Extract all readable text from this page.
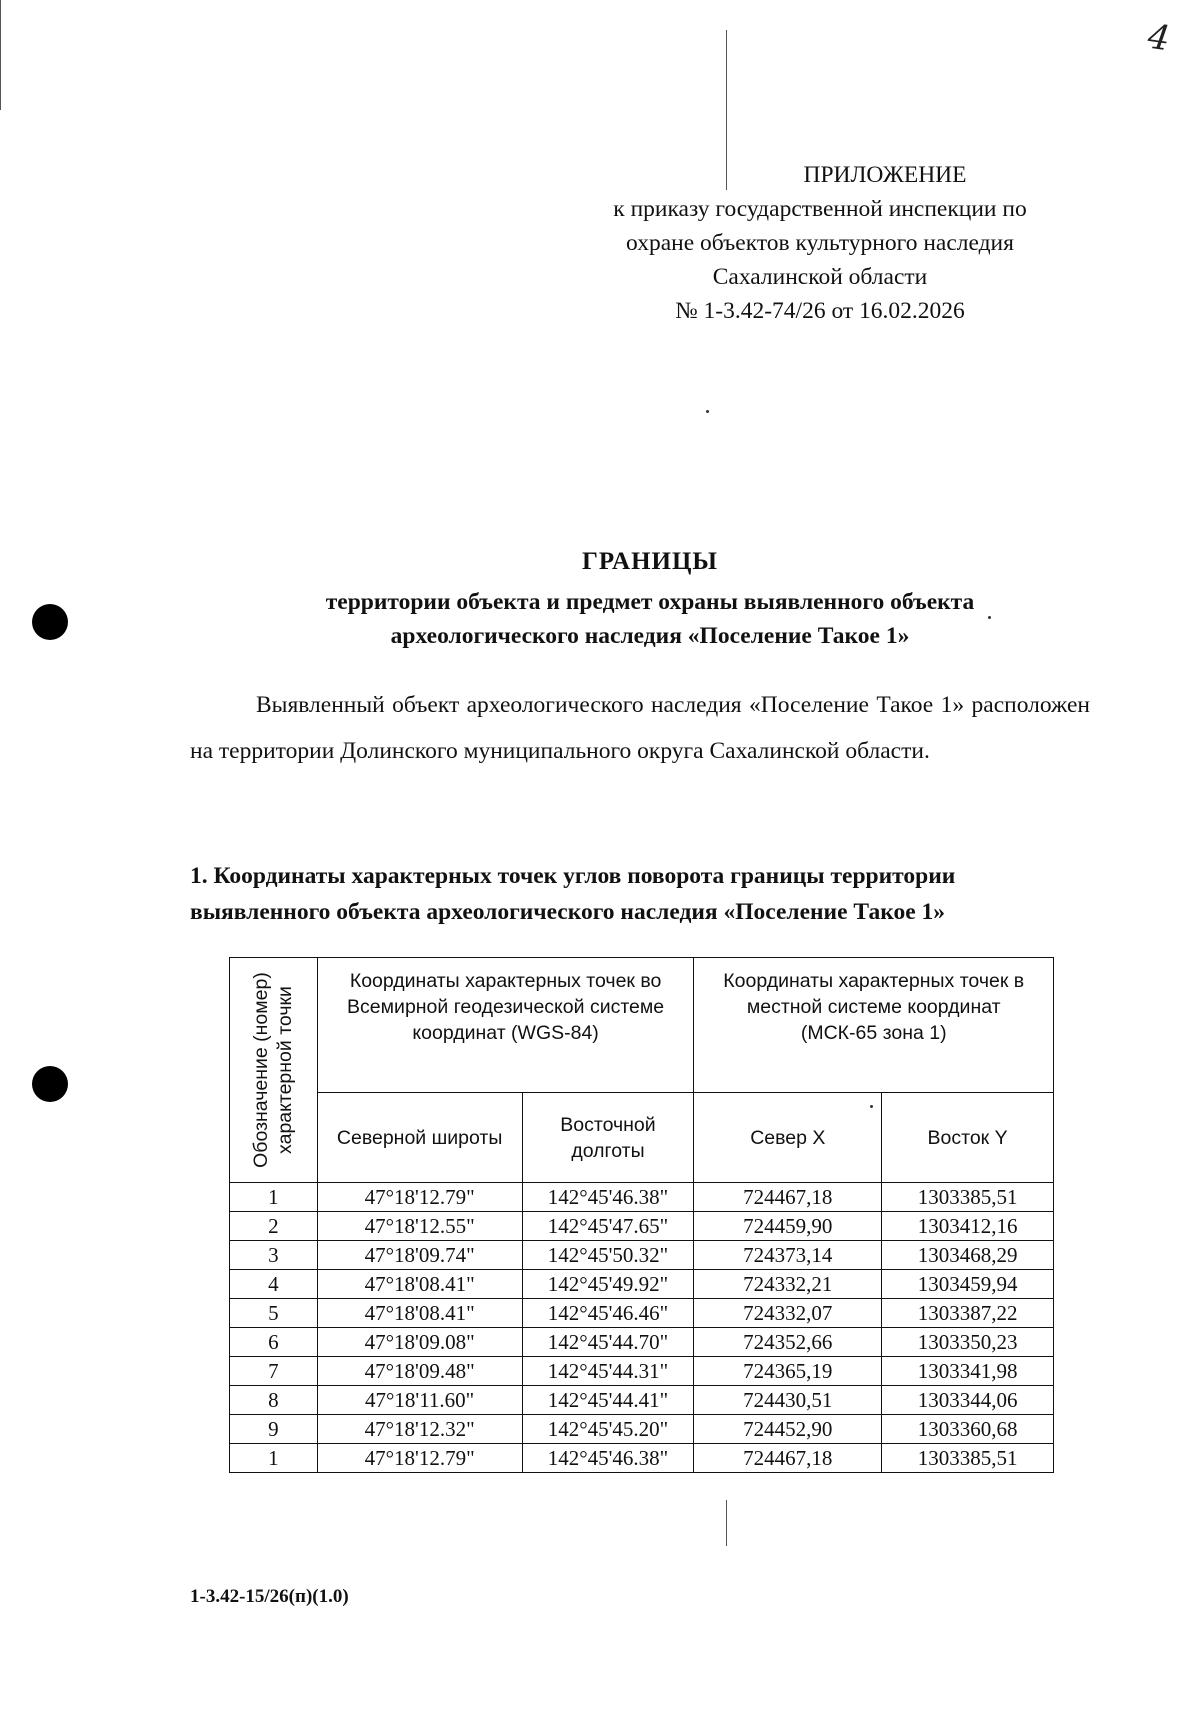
4
ПРИЛОЖЕНИЕ
к приказу государственной инспекции по
охране объектов культурного наследия
Сахалинской области
№ 1-3.42-74/26 от 16.02.2026
ГРАНИЦЫ
территории объекта и предмет охраны выявленного объекта
археологического наследия «Поселение Такое 1»
Выявленный объект археологического наследия «Поселение Такое 1» расположен на территории Долинского муниципального округа Сахалинской области.
1. Координаты характерных точек углов поворота границы территории выявленного объекта археологического наследия «Поселение Такое 1»
Обозначение (номер) характерной точки	Координаты характерных точек во Всемирной геодезической системе координат (WGS-84)		Координаты характерных точек в местной системе координат (МСК-65 зона 1)	
	Северной широты	Восточной долготы	Север X	Восток Y
1	47°18'12.79"	142°45'46.38"	724467,18	1303385,51
2	47°18'12.55"	142°45'47.65"	724459,90	1303412,16
3	47°18'09.74"	142°45'50.32"	724373,14	1303468,29
4	47°18'08.41"	142°45'49.92"	724332,21	1303459,94
5	47°18'08.41"	142°45'46.46"	724332,07	1303387,22
6	47°18'09.08"	142°45'44.70"	724352,66	1303350,23
7	47°18'09.48"	142°45'44.31"	724365,19	1303341,98
8	47°18'11.60"	142°45'44.41"	724430,51	1303344,06
9	47°18'12.32"	142°45'45.20"	724452,90	1303360,68
1	47°18'12.79"	142°45'46.38"	724467,18	1303385,51
1-3.42-15/26(п)(1.0)
